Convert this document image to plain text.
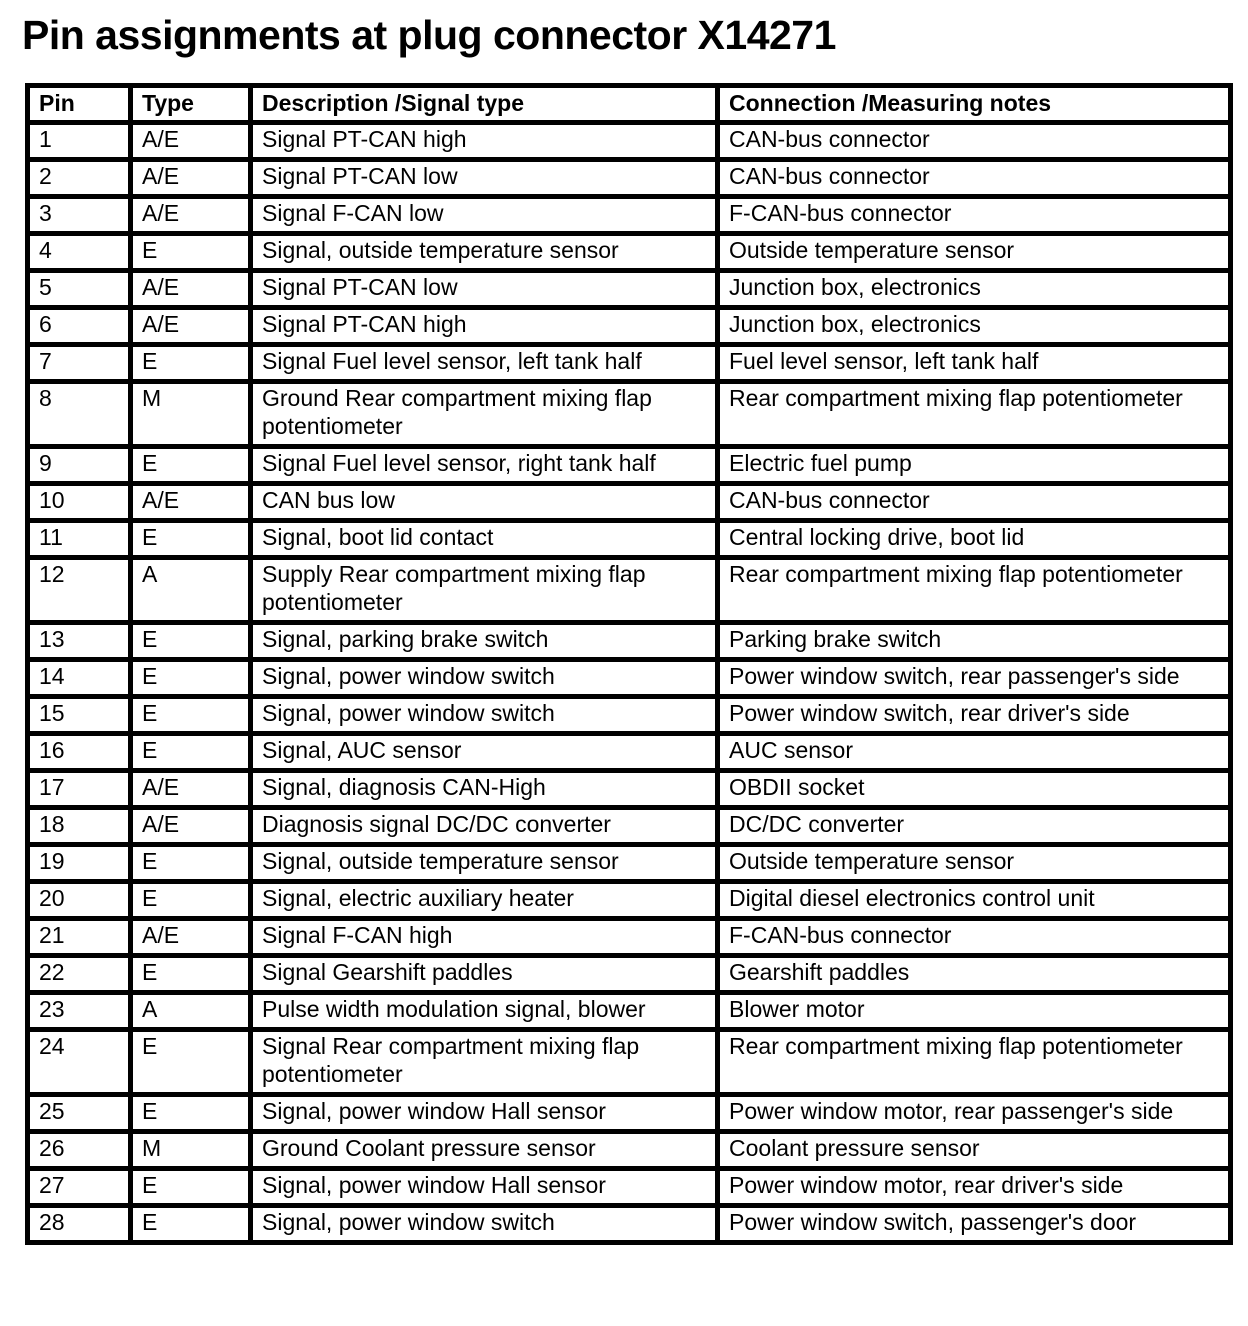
Pin assignments at plug connector X14271
Pin	Type	Description /Signal type	Connection /Measuring notes
1	A/E	Signal PT-CAN high	CAN-bus connector
2	A/E	Signal PT-CAN low	CAN-bus connector
3	A/E	Signal F-CAN low	F-CAN-bus connector
4	E	Signal, outside temperature sensor	Outside temperature sensor
5	A/E	Signal PT-CAN low	Junction box, electronics
6	A/E	Signal PT-CAN high	Junction box, electronics
7	E	Signal Fuel level sensor, left tank half	Fuel level sensor, left tank half
8	M	Ground Rear compartment mixing flap potentiometer	Rear compartment mixing flap potentiometer
9	E	Signal Fuel level sensor, right tank half	Electric fuel pump
10	A/E	CAN bus low	CAN-bus connector
11	E	Signal, boot lid contact	Central locking drive, boot lid
12	A	Supply Rear compartment mixing flap potentiometer	Rear compartment mixing flap potentiometer
13	E	Signal, parking brake switch	Parking brake switch
14	E	Signal, power window switch	Power window switch, rear passenger's side
15	E	Signal, power window switch	Power window switch, rear driver's side
16	E	Signal, AUC sensor	AUC sensor
17	A/E	Signal, diagnosis CAN-High	OBDII socket
18	A/E	Diagnosis signal DC/DC converter	DC/DC converter
19	E	Signal, outside temperature sensor	Outside temperature sensor
20	E	Signal, electric auxiliary heater	Digital diesel electronics control unit
21	A/E	Signal F-CAN high	F-CAN-bus connector
22	E	Signal Gearshift paddles	Gearshift paddles
23	A	Pulse width modulation signal, blower	Blower motor
24	E	Signal Rear compartment mixing flap potentiometer	Rear compartment mixing flap potentiometer
25	E	Signal, power window Hall sensor	Power window motor, rear passenger's side
26	M	Ground Coolant pressure sensor	Coolant pressure sensor
27	E	Signal, power window Hall sensor	Power window motor, rear driver's side
28	E	Signal, power window switch	Power window switch, passenger's door
